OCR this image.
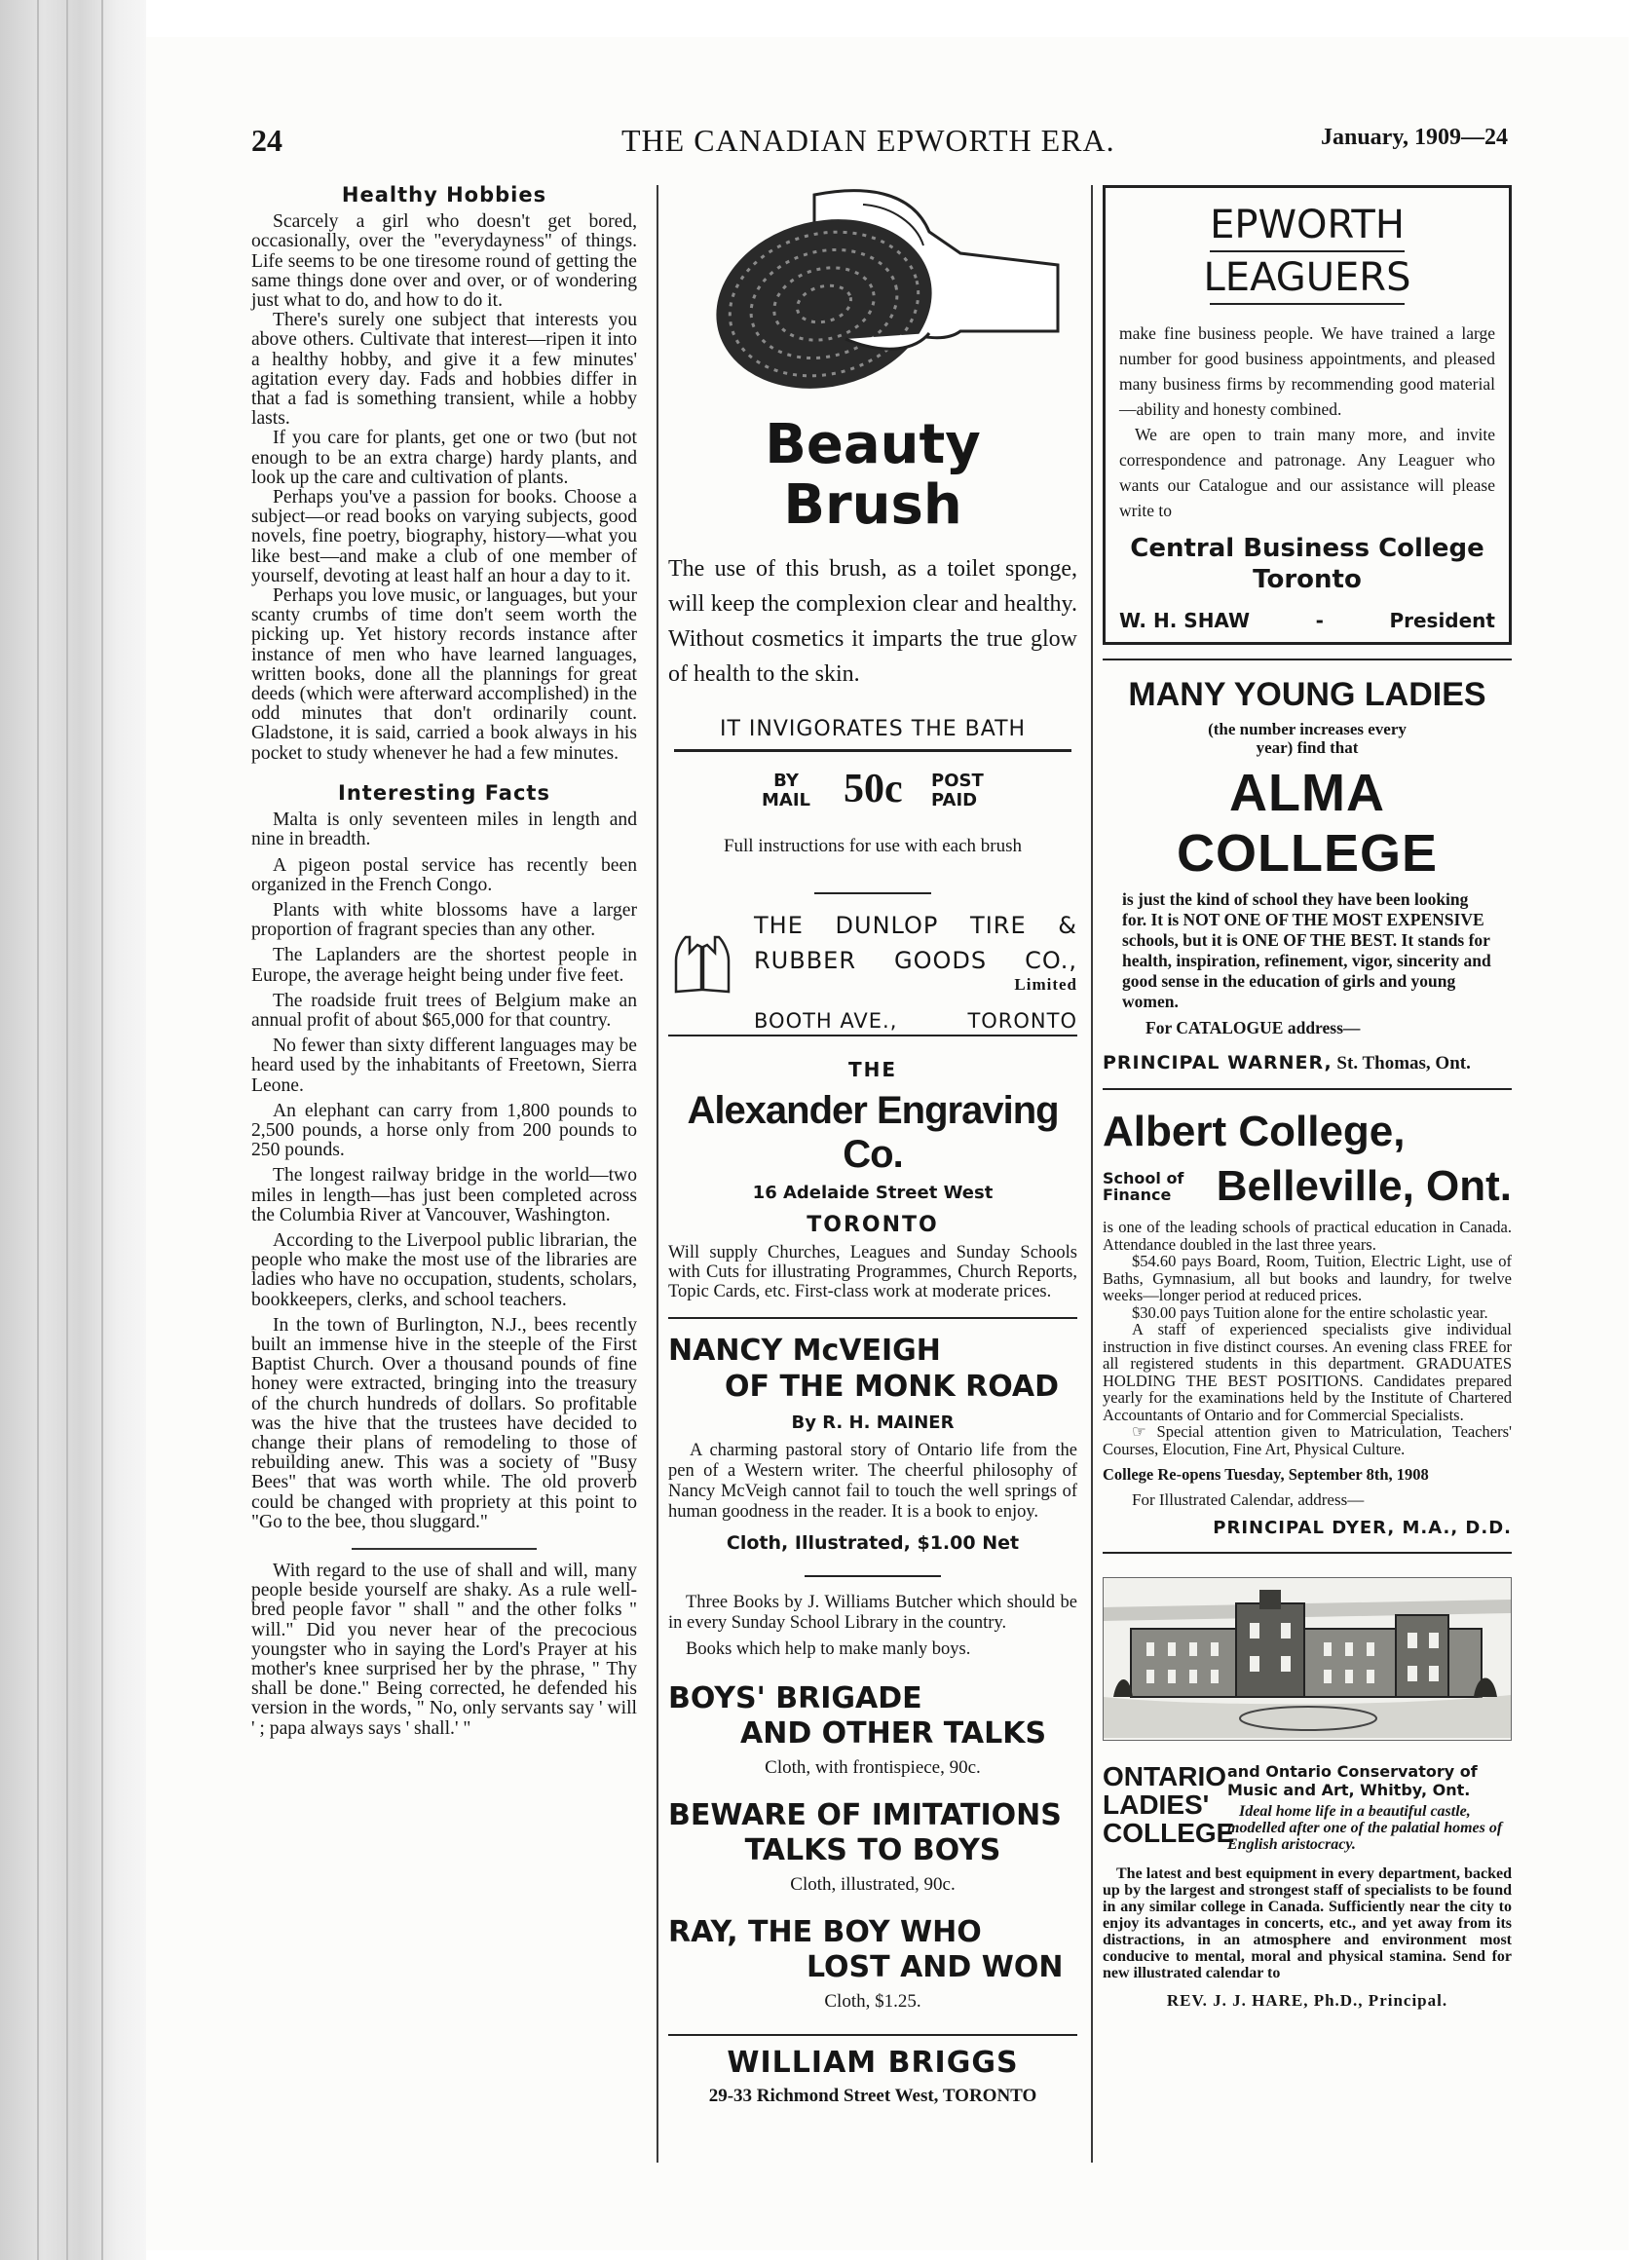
24	THE CANADIAN EPWORTH ERA.	January, 1909—24
Healthy Hobbies

Scarcely a girl who doesn't get bored, occasionally, over the "everydayness" of things. Life seems to be one tiresome round of getting the same things done over and over, or of wondering just what to do, and how to do it.

There's surely one subject that interests you above others. Cultivate that interest—ripen it into a healthy hobby, and give it a few minutes' agitation every day. Fads and hobbies differ in that a fad is something transient, while a hobby lasts.

If you care for plants, get one or two (but not enough to be an extra charge) hardy plants, and look up the care and cultivation of plants.

Perhaps you've a passion for books. Choose a subject—or read books on varying subjects, good novels, fine poetry, biography, history—what you like best—and make a club of one member of yourself, devoting at least half an hour a day to it.

Perhaps you love music, or languages, but your scanty crumbs of time don't seem worth the picking up. Yet history records instance after instance of men who have learned languages, written books, done all the plannings for great deeds (which were afterward accomplished) in the odd minutes that don't ordinarily count. Gladstone, it is said, carried a book always in his pocket to study whenever he had a few minutes.

Interesting Facts

Malta is only seventeen miles in length and nine in breadth.

A pigeon postal service has recently been organized in the French Congo.

Plants with white blossoms have a larger proportion of fragrant species than any other.

The Laplanders are the shortest people in Europe, the average height being under five feet.

The roadside fruit trees of Belgium make an annual profit of about $65,000 for that country.

No fewer than sixty different languages may be heard used by the inhabitants of Freetown, Sierra Leone.

An elephant can carry from 1,800 pounds to 2,500 pounds, a horse only from 200 pounds to 250 pounds.

The longest railway bridge in the world—two miles in length—has just been completed across the Columbia River at Vancouver, Washington.

According to the Liverpool public librarian, the people who make the most use of the libraries are ladies who have no occupation, students, scholars, bookkeepers, clerks, and school teachers.

In the town of Burlington, N.J., bees recently built an immense hive in the steeple of the First Baptist Church. Over a thousand pounds of fine honey were extracted, bringing into the treasury of the church hundreds of dollars. So profitable was the hive that the trustees have decided to change their plans of remodeling to those of rebuilding anew. This was a society of "Busy Bees" that was worth while. The old proverb could be changed with propriety at this point to "Go to the bee, thou sluggard."

With regard to the use of shall and will, many people beside yourself are shaky. As a rule well-bred people favor " shall " and the other folks " will." Did you never hear of the precocious youngster who in saying the Lord's Prayer at his mother's knee surprised her by the phrase, " Thy shall be done." Being corrected, he defended his version in the words, " No, only servants say ' will ' ; papa always says ' shall.' "

Beauty Brush
The use of this brush, as a toilet sponge, will keep the complexion clear and healthy. Without cosmetics it imparts the true glow of health to the skin.
IT INVIGORATES THE BATH
BY
MAIL 50c POST
PAID
Full instructions for use with each brush
THE DUNLOP TIRE &
RUBBER GOODS CO.,
Limited
BOOTH AVE.,	TORONTO
THE
Alexander Engraving Co.
16 Adelaide Street West
TORONTO
Will supply Churches, Leagues and Sunday Schools with Cuts for illustrating Programmes, Church Reports, Topic Cards, etc. First-class work at moderate prices.
NANCY McVEIGH
OF THE MONK ROAD
By R. H. MAINER
A charming pastoral story of Ontario life from the pen of a Western writer. The cheerful philosophy of Nancy McVeigh cannot fail to touch the well springs of human goodness in the reader. It is a book to enjoy.
Cloth, Illustrated, $1.00 Net
Three Books by J. Williams Butcher which should be in every Sunday School Library in the country.
Books which help to make manly boys.
BOYS' BRIGADE
AND OTHER TALKS
Cloth, with frontispiece, 90c.
BEWARE OF IMITATIONS
TALKS TO BOYS
Cloth, illustrated, 90c.
RAY, THE BOY WHO
LOST AND WON
Cloth, $1.25.
WILLIAM BRIGGS
29-33 Richmond Street West, TORONTO
EPWORTH
LEAGUERS
make fine business people. We have trained a large number for good business appointments, and pleased many business firms by recommending good material—ability and honesty combined.
We are open to train many more, and invite correspondence and patronage. Any Leaguer who wants our Catalogue and our assistance will please write to
Central Business College
Toronto
W. H. SHAW	-	President
MANY YOUNG LADIES
(the number increases every
year) find that
ALMA COLLEGE
is just the kind of school they have been looking for. It is NOT ONE OF THE MOST EXPENSIVE schools, but it is ONE OF THE BEST. It stands for health, inspiration, refinement, vigor, sincerity and good sense in the education of girls and young women.
For CATALOGUE address—
PRINCIPAL WARNER, St. Thomas, Ont.
Albert College,
School of
Finance Belleville, Ont.
is one of the leading schools of practical education in Canada. Attendance doubled in the last three years.
$54.60 pays Board, Room, Tuition, Electric Light, use of Baths, Gymnasium, all but books and laundry, for twelve weeks—longer period at reduced prices.
$30.00 pays Tuition alone for the entire scholastic year.
A staff of experienced specialists give individual instruction in five distinct courses. An evening class FREE for all registered students in this department. GRADUATES HOLDING THE BEST POSITIONS. Candidates prepared yearly for the examinations held by the Institute of Chartered Accountants of Ontario and for Commercial Specialists.
☞ Special attention given to Matriculation, Teachers' Courses, Elocution, Fine Art, Physical Culture.
College Re-opens Tuesday, September 8th, 1908
For Illustrated Calendar, address—
PRINCIPAL DYER, M.A., D.D.
ONTARIO
LADIES'
COLLEGE
and Ontario Conservatory of Music and Art, Whitby, Ont.
Ideal home life in a beautiful castle, modelled after one of the palatial homes of English aristocracy.
The latest and best equipment in every department, backed up by the largest and strongest staff of specialists to be found in any similar college in Canada. Sufficiently near the city to enjoy its advantages in concerts, etc., and yet away from its distractions, in an atmosphere and environment most conducive to mental, moral and physical stamina. Send for new illustrated calendar to
REV. J. J. HARE, Ph.D., Principal.
